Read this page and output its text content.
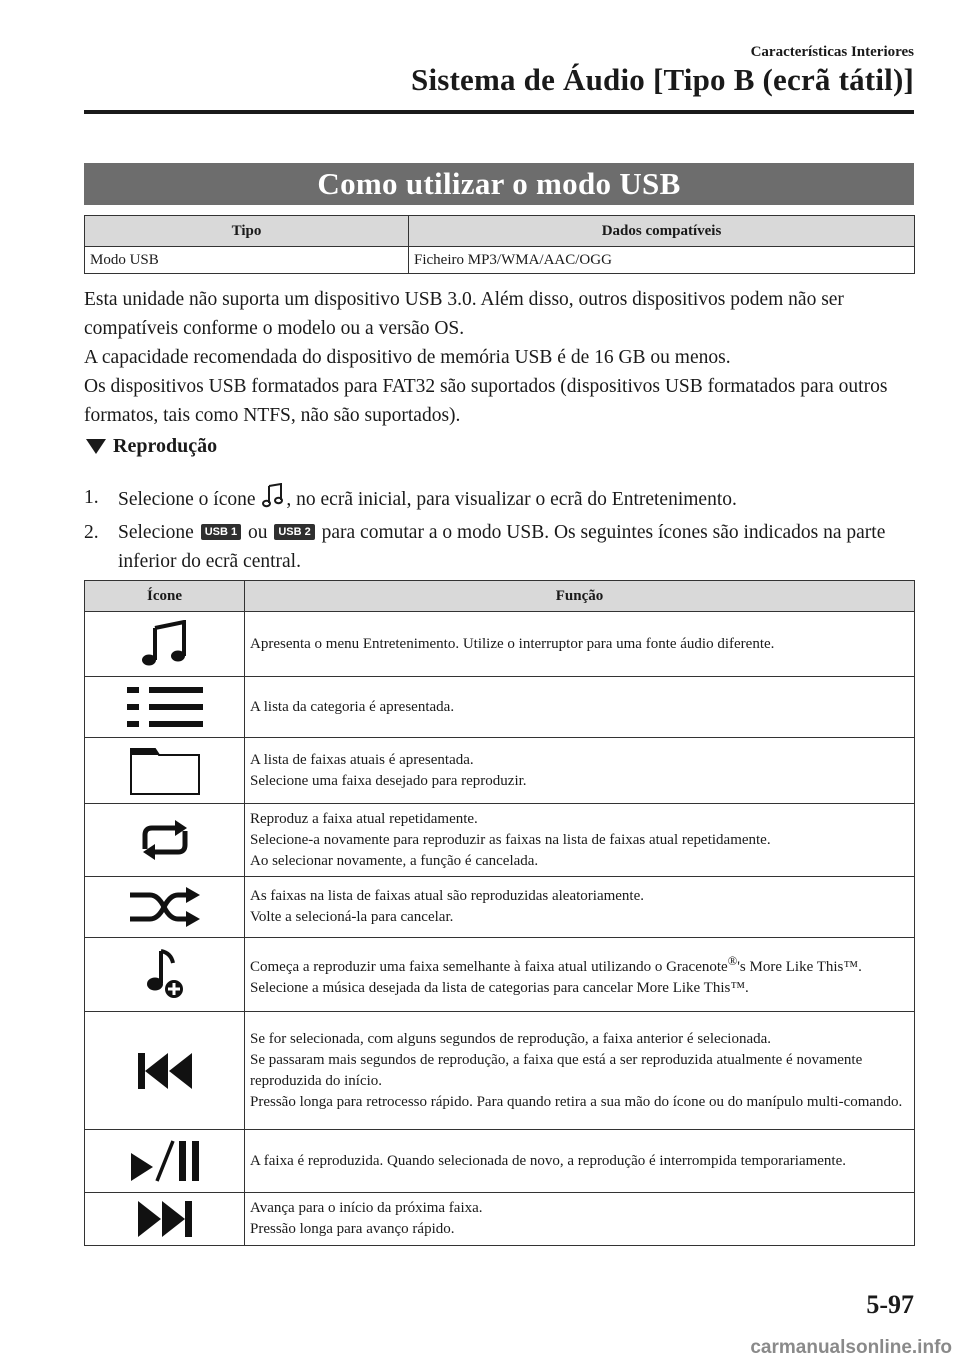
Características Interiores
Sistema de Áudio [Tipo B (ecrã tátil)]
Como utilizar o modo USB
Tipo	Dados compatíveis
Modo USB	Ficheiro MP3/WMA/AAC/OGG

Esta unidade não suporta um dispositivo USB 3.0. Além disso, outros dispositivos podem não ser compatíveis conforme o modelo ou a versão OS.

A capacidade recomendada do dispositivo de memória USB é de 16 GB ou menos.

Os dispositivos USB formatados para FAT32 são suportados (dispositivos USB formatados para outros formatos, tais como NTFS, não são suportados).

Reprodução
1. Selecione o ícone , no ecrã inicial, para visualizar o ecrã do Entretenimento.
2. Selecione USB 1 ou USB 2 para comutar a o modo USB. Os seguintes ícones são indicados na parte inferior do ecrã central.
Ícone	Função

	Apresenta o menu Entretenimento. Utilize o interruptor para uma fonte áudio diferente.

	A lista da categoria é apresentada.

A lista de faixas atuais é apresentada.
Selecione uma faixa desejado para reproduzir.

Reproduz a faixa atual repetidamente.
Selecione-a novamente para reproduzir as faixas na lista de faixas atual repetidamente.
Ao selecionar novamente, a função é cancelada.

As faixas na lista de faixas atual são reproduzidas aleatoriamente.
Volte a selecioná-la para cancelar.

Começa a reproduzir uma faixa semelhante à faixa atual utilizando o Gracenote®'s More Like This™.
Selecione a música desejada da lista de categorias para cancelar More Like This™.

Se for selecionada, com alguns segundos de reprodução, a faixa anterior é selecionada.
Se passaram mais segundos de reprodução, a faixa que está a ser reproduzida atualmente é novamente reproduzida do início.
Pressão longa para retrocesso rápido. Para quando retira a sua mão do ícone ou do manípulo multi-comando.

A faixa é reproduzida. Quando selecionada de novo, a reprodução é interrompida temporariamente.

Avança para o início da próxima faixa.
Pressão longa para avanço rápido.
5-97
carmanualsonline.info
